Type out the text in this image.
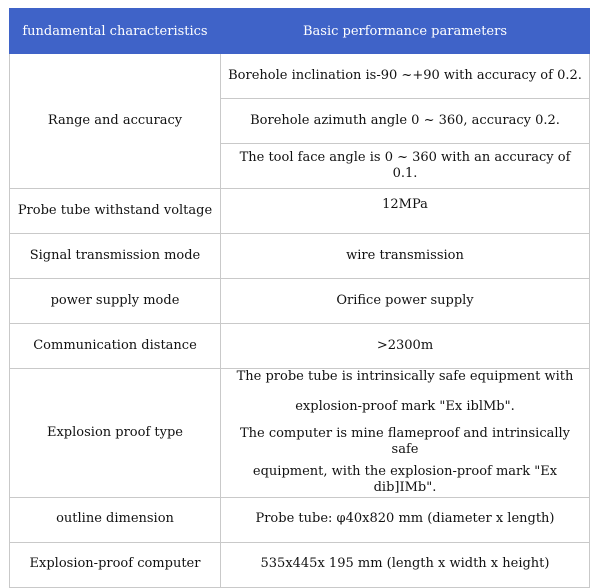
fundamental characteristics	Basic performance parameters
Range and accuracy	Borehole inclination is-90 ~+90 with accuracy of 0.2.
	Borehole azimuth angle 0 ~ 360, accuracy 0.2.
	The tool face angle is 0 ~ 360 with an accuracy of 0.1.
Probe tube withstand voltage	12MPa
Signal transmission mode	wire transmission
power supply mode	Orifice power supply
Communication distance	>2300m
Explosion proof type	The probe tube is intrinsically safe equipment with
explosion-proof mark "Ex iblMb".
The computer is mine flameproof and intrinsically safe
equipment, with the explosion-proof mark "Ex dib]IMb".

outline dimension	Probe tube: φ40x820 mm (diameter x length)
Explosion-proof computer	535x445x 195 mm (length x width x height)
